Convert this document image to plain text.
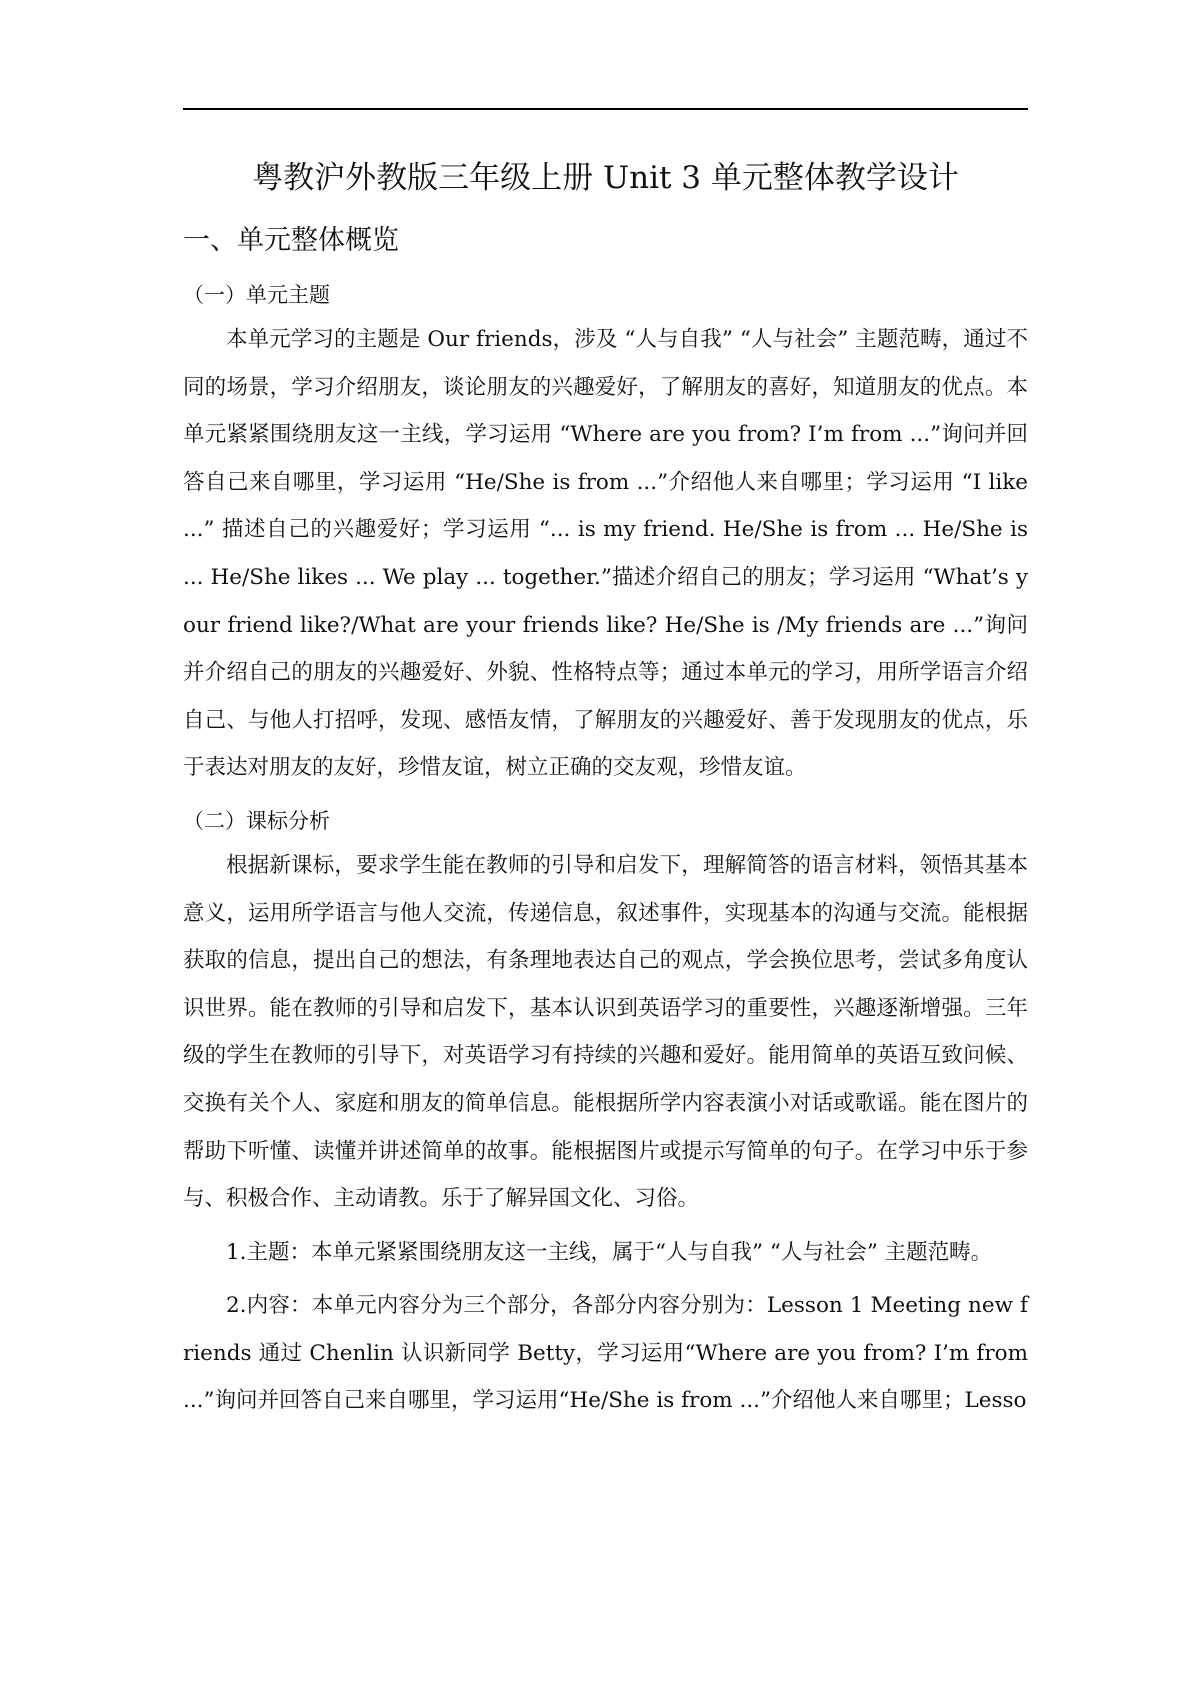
粤教沪外教版三年级上册 Unit 3 单元整体教学设计
一、单元整体概览
（一）单元主题

本单元学习的主题是 Our friends，涉及 “人与自我” “人与社会” 主题范畴，通过不同的场景，学习介绍朋友，谈论朋友的兴趣爱好，了解朋友的喜好，知道朋友的优点。本单元紧紧围绕朋友这一主线，学习运用 “Where are you from? I’m from ...”询问并回答自己来自哪里，学习运用 “He/She is from ...”介绍他人来自哪里；学习运用 “I like ...” 描述自己的兴趣爱好；学习运用 “... is my friend. He/She is from ... He/She is ... He/She likes ... We play ... together.”描述介绍自己的朋友；学习运用 “What’s your friend like?/What are your friends like? He/She is /My friends are ...”询问并介绍自己的朋友的兴趣爱好、外貌、性格特点等；通过本单元的学习，用所学语言介绍自己、与他人打招呼，发现、感悟友情，了解朋友的兴趣爱好、善于发现朋友的优点，乐于表达对朋友的友好，珍惜友谊，树立正确的交友观，珍惜友谊。

（二）课标分析

根据新课标，要求学生能在教师的引导和启发下，理解简答的语言材料，领悟其基本意义，运用所学语言与他人交流，传递信息，叙述事件，实现基本的沟通与交流。能根据获取的信息，提出自己的想法，有条理地表达自己的观点，学会换位思考，尝试多角度认识世界。能在教师的引导和启发下，基本认识到英语学习的重要性，兴趣逐渐增强。三年级的学生在教师的引导下，对英语学习有持续的兴趣和爱好。能用简单的英语互致问候、交换有关个人、家庭和朋友的简单信息。能根据所学内容表演小对话或歌谣。能在图片的帮助下听懂、读懂并讲述简单的故事。能根据图片或提示写简单的句子。在学习中乐于参与、积极合作、主动请教。乐于了解异国文化、习俗。

1.主题：本单元紧紧围绕朋友这一主线，属于“人与自我” “人与社会” 主题范畴。

2.内容：本单元内容分为三个部分，各部分内容分别为：Lesson 1 Meeting new friends 通过 Chenlin 认识新同学 Betty，学习运用“Where are you from? I’m from ...”询问并回答自己来自哪里，学习运用“He/She is from ...”介绍他人来自哪里；Lesso
